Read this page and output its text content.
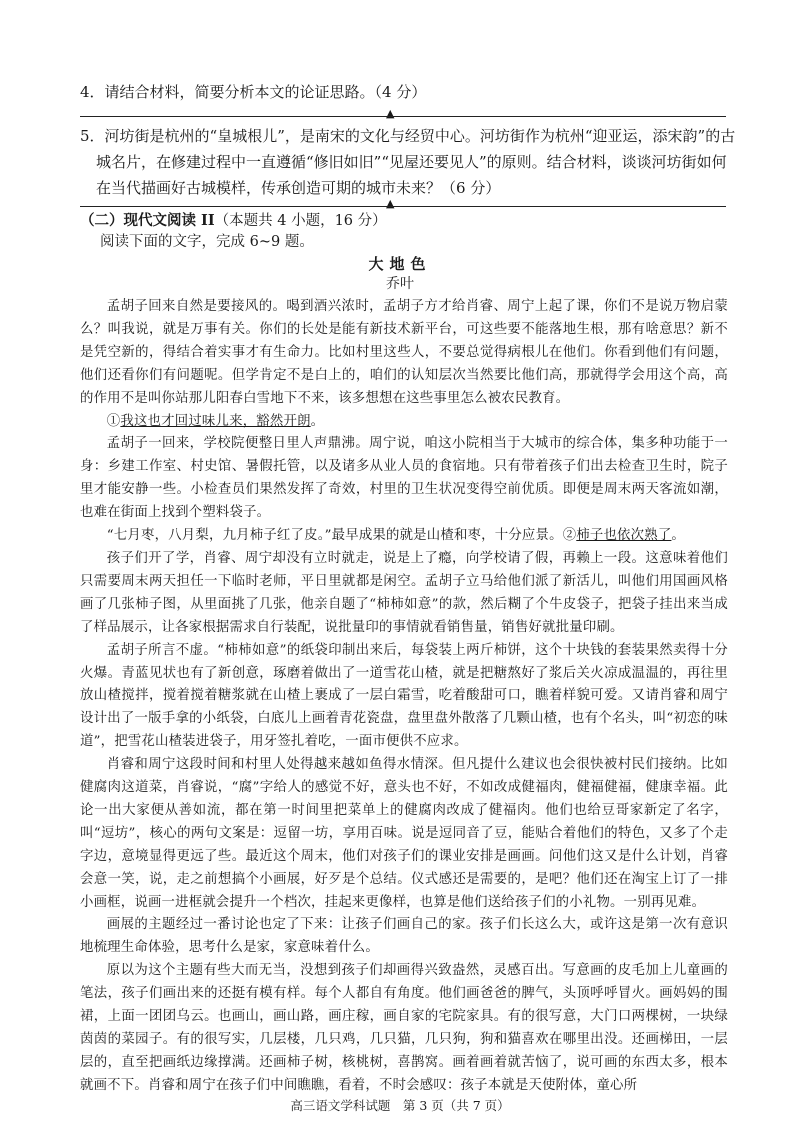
4．请结合材料，简要分析本文的论证思路。（4 分）
▲
5．河坊街是杭州的“皇城根儿”，是南宋的文化与经贸中心。河坊街作为杭州“迎亚运，添宋韵”的古

城名片，在修建过程中一直遵循“修旧如旧”“见屋还要见人”的原则。结合材料，谈谈河坊街如何
在当代描画好古城模样，传承创造可期的城市未来？（6 分）
▲
（二）现代文阅读 II（本题共 4 小题，16 分）
阅读下面的文字，完成 6~9 题。
大地色
乔叶

孟胡子回来自然是要接风的。喝到酒兴浓时，孟胡子方才给肖睿、周宁上起了课，你们不是说万物启蒙么？叫我说，就是万事有关。你们的长处是能有新技术新平台，可这些要不能落地生根，那有啥意思？新不是凭空新的，得结合着实事才有生命力。比如村里这些人，不要总觉得病根儿在他们。你看到他们有问题，他们还看你们有问题呢。但学肯定不是白上的，咱们的认知层次当然要比他们高，那就得学会用这个高，高的作用不是叫你站那儿阳春白雪地下不来，该多想想在这些事里怎么被农民教育。

①我这也才回过味儿来，豁然开朗。

孟胡子一回来，学校院便整日里人声鼎沸。周宁说，咱这小院相当于大城市的综合体，集多种功能于一身：乡建工作室、村史馆、暑假托管，以及诸多从业人员的食宿地。只有带着孩子们出去检查卫生时，院子里才能安静一些。小检查员们果然发挥了奇效，村里的卫生状况变得空前优质。即便是周末两天客流如潮，也难在街面上找到个塑料袋子。

“七月枣，八月梨，九月柿子红了皮。”最早成果的就是山楂和枣，十分应景。②柿子也依次熟了。

孩子们开了学，肖睿、周宁却没有立时就走，说是上了瘾，向学校请了假，再赖上一段。这意味着他们只需要周末两天担任一下临时老师，平日里就都是闲空。孟胡子立马给他们派了新活儿，叫他们用国画风格画了几张柿子图，从里面挑了几张，他亲自题了“柿柿如意”的款，然后糊了个牛皮袋子，把袋子挂出来当成了样品展示，让各家根据需求自行装配，说批量印的事情就看销售量，销售好就批量印刷。

孟胡子所言不虚。“柿柿如意”的纸袋印制出来后，每袋装上两斤柿饼，这个十块钱的套装果然卖得十分火爆。青蓝见状也有了新创意，琢磨着做出了一道雪花山楂，就是把糖熬好了浆后关火凉成温温的，再往里放山楂搅拌，搅着搅着糖浆就在山楂上裹成了一层白霜雪，吃着酸甜可口，瞧着样貌可爱。又请肖睿和周宁设计出了一版手拿的小纸袋，白底儿上画着青花瓷盘，盘里盘外散落了几颗山楂，也有个名头，叫“初恋的味道”，把雪花山楂装进袋子，用牙签扎着吃，一面市便供不应求。

肖睿和周宁这段时间和村里人处得越来越如鱼得水情深。但凡提什么建议也会很快被村民们接纳。比如健腐肉这道菜，肖睿说，“腐”字给人的感觉不好，意头也不好，不如改成健福肉，健福健福，健康幸福。此论一出大家便从善如流，都在第一时间里把菜单上的健腐肉改成了健福肉。他们也给豆哥家新定了名字，叫“逗坊”，核心的两句文案是：逗留一坊，享用百味。说是逗同音了豆，能贴合着他们的特色，又多了个走字边，意境显得更远了些。最近这个周末，他们对孩子们的课业安排是画画。问他们这又是什么计划，肖睿会意一笑，说，走之前想搞个小画展，好歹是个总结。仪式感还是需要的，是吧？他们还在淘宝上订了一排小画框，说画一进框就会提升一个档次，挂起来更像样，也算是他们送给孩子们的小礼物。一别再见难。

画展的主题经过一番讨论也定了下来：让孩子们画自己的家。孩子们长这么大，或许这是第一次有意识地梳理生命体验，思考什么是家，家意味着什么。

原以为这个主题有些大而无当，没想到孩子们却画得兴致盎然，灵感百出。写意画的皮毛加上儿童画的笔法，孩子们画出来的还挺有模有样。每个人都自有角度。他们画爸爸的脾气，头顶呼呼冒火。画妈妈的围裙，上面一团团乌云。也画山，画山路，画庄稼，画自家的宅院家具。有的很写意，大门口两棵树，一块绿茵茵的菜园子。有的很写实，几层楼，几只鸡，几只猫，几只狗，狗和猫喜欢在哪里出没。还画梯田，一层层的，直至把画纸边缘撑满。还画柿子树，核桃树，喜鹊窝。画着画着就苦恼了，说可画的东西太多，根本就画不下。肖睿和周宁在孩子们中间瞧瞧，看着，不时会感叹：孩子本就是天使附体，童心所

高三语文学科试题　第 3 页（共 7 页）
